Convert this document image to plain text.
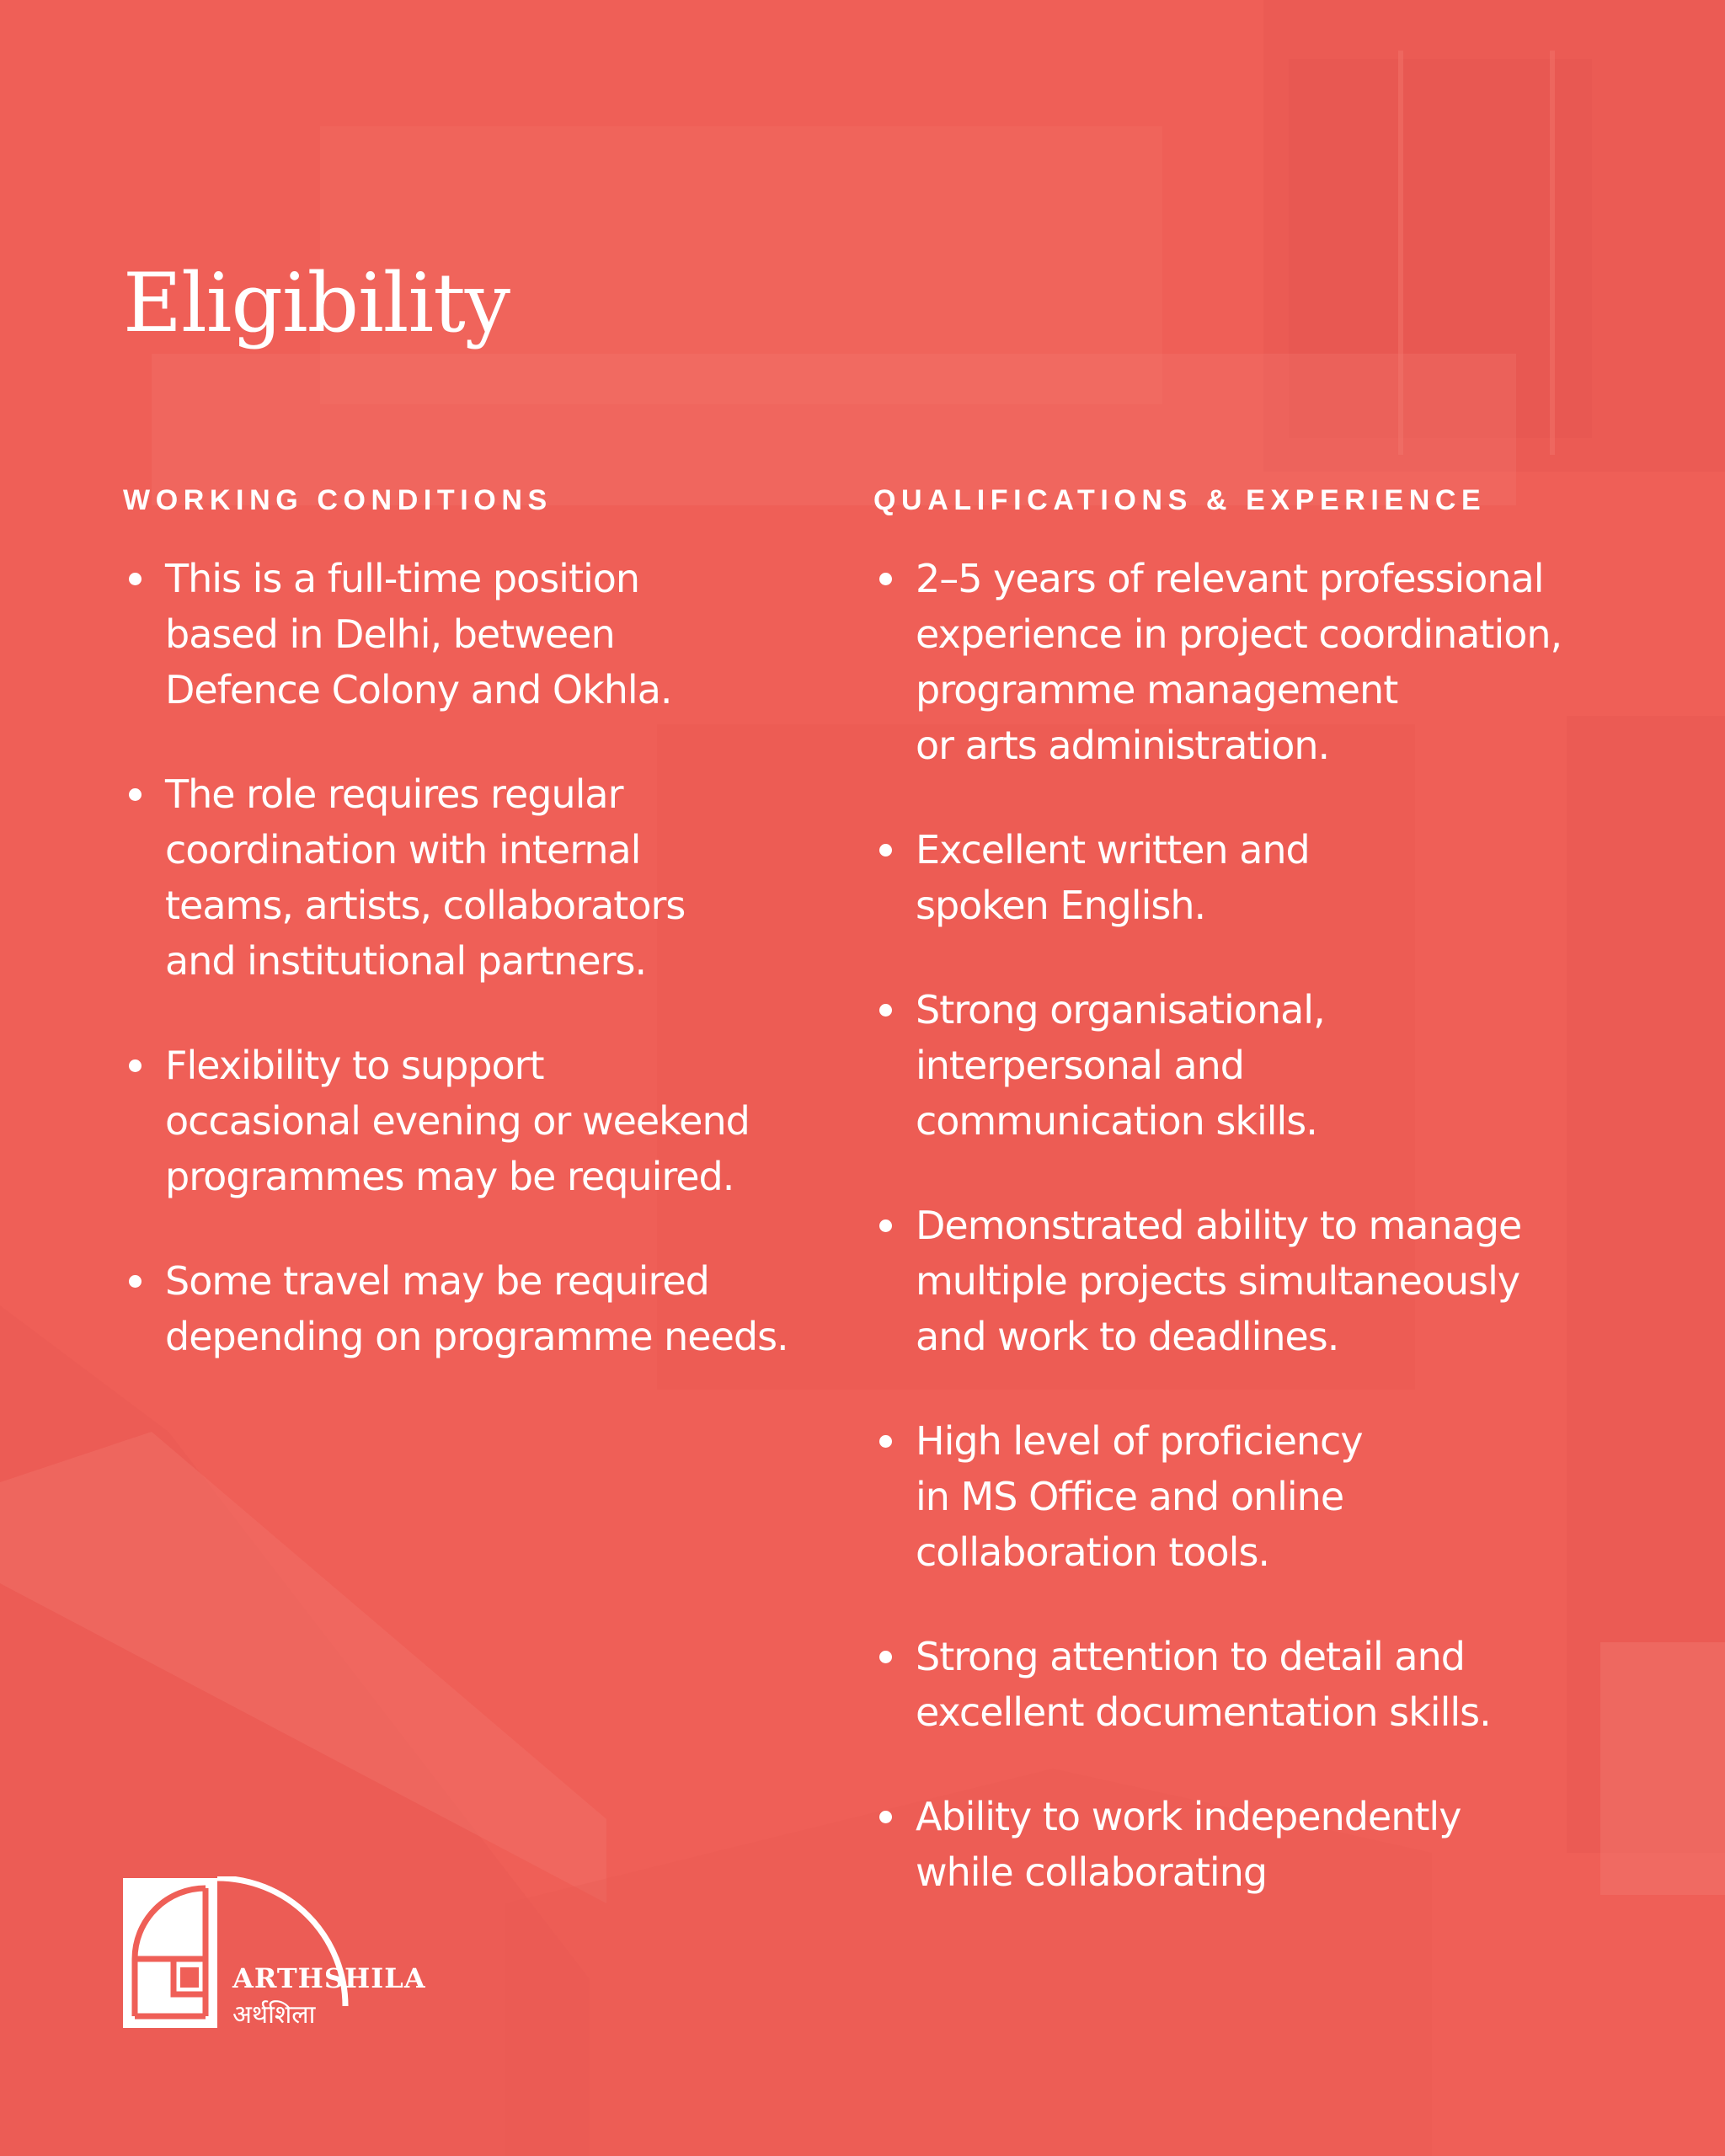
Eligibility
WORKING CONDITIONS
This is a full-time position
based in Delhi, between
Defence Colony and Okhla.
The role requires regular
coordination with internal
teams, artists, collaborators
and institutional partners.
Flexibility to support
occasional evening or weekend
programmes may be required.
Some travel may be required
depending on programme needs.
QUALIFICATIONS & EXPERIENCE
2–5 years of relevant professional
experience in project coordination,
programme management
or arts administration.
Excellent written and
spoken English.
Strong organisational,
interpersonal and
communication skills.
Demonstrated ability to manage
multiple projects simultaneously
and work to deadlines.
High level of proficiency
in MS Office and online
collaboration tools.
Strong attention to detail and
excellent documentation skills.
Ability to work independently
while collaborating
ARTHSHILA
अर्थशिला
